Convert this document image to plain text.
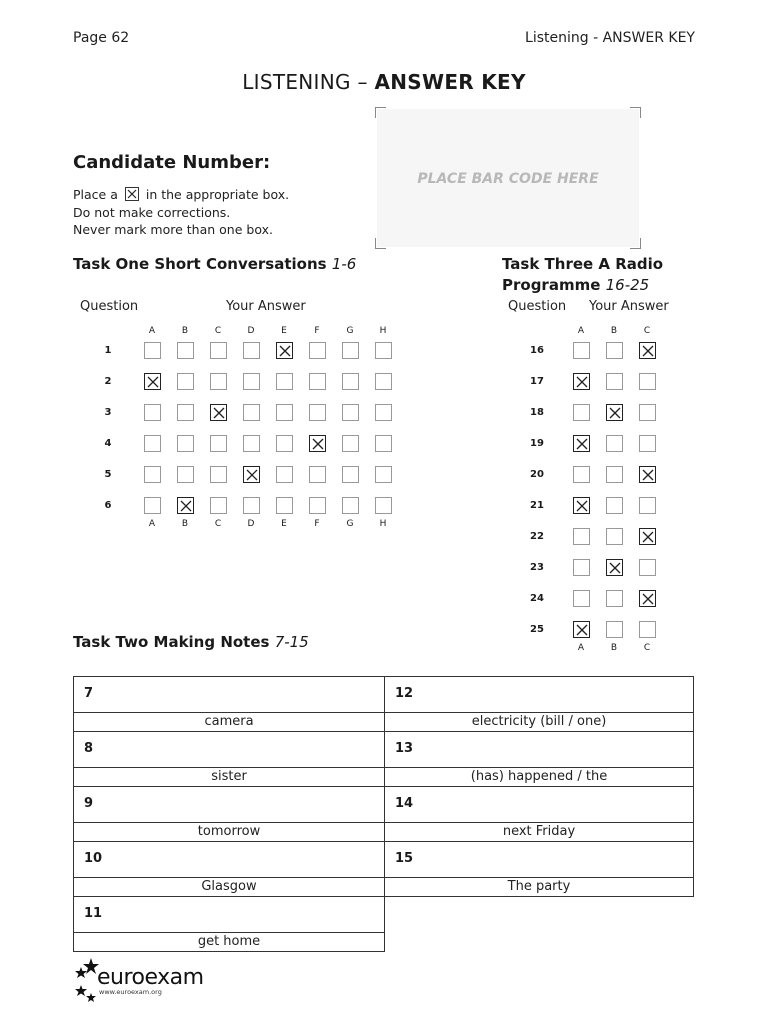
Page 62	Listening - ANSWER KEY
LISTENING – ANSWER KEY
PLACE BAR CODE HERE
Candidate Number:
Place a in the appropriate box.
Do not make corrections.
Never mark more than one box.
Task One Short Conversations 1-6
Question	Your Answer
A
A
B
B
C
C
D
D
E
E
F
F
G
G
H
H
1
2
3
4
5
6
Task Three A Radio
Programme 16-25
Question Your Answer
A
A
B
B
C
C
16
17
18
19
20
21
22
23
24
25
Task Two Making Notes 7-15
7
camera
8
sister
9
tomorrow
10
Glasgow
11
get home
12
electricity (bill / one)
13
(has) happened / the
14
next Friday
15
The party
euroexam
www.euroexam.org
